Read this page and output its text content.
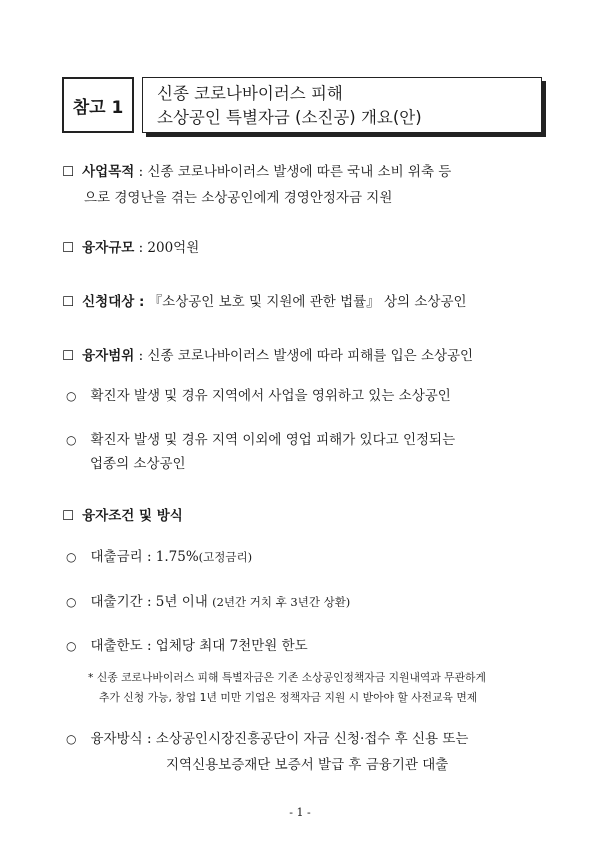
참고 1
신종 코로나바이러스 피해
소상공인 특별자금 (소진공) 개요(안)
☐ 사업목적 : 신종 코로나바이러스 발생에 따른 국내 소비 위축 등
으로 경영난을 겪는 소상공인에게 경영안정자금 지원
☐ 융자규모 : 200억원
☐ 신청대상 : 『소상공인 보호 및 지원에 관한 법률』 상의 소상공인
☐ 융자범위 : 신종 코로나바이러스 발생에 따라 피해를 입은 소상공인
○ 확진자 발생 및 경유 지역에서 사업을 영위하고 있는 소상공인
○ 확진자 발생 및 경유 지역 이외에 영업 피해가 있다고 인정되는
업종의 소상공인
☐ 융자조건 및 방식
○ 대출금리 : 1.75%(고정금리)
○ 대출기간 : 5년 이내 (2년간 거치 후 3년간 상환)
○ 대출한도 : 업체당 최대 7천만원 한도
* 신종 코로나바이러스 피해 특별자금은 기존 소상공인정책자금 지원내역과 무관하게
추가 신청 가능, 창업 1년 미만 기업은 정책자금 지원 시 받아야 할 사전교육 면제
○ 융자방식 : 소상공인시장진흥공단이 자금 신청·접수 후 신용 또는
지역신용보증재단 보증서 발급 후 금융기관 대출
- 1 -
